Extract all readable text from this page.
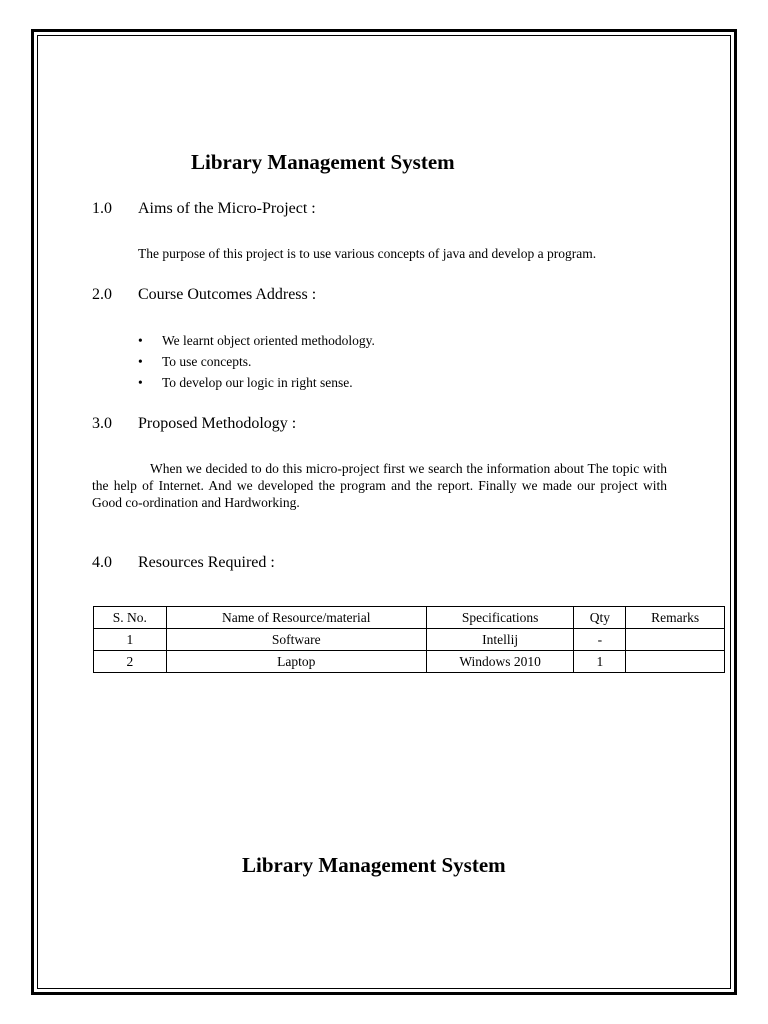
Library Management System
1.0 Aims of the Micro-Project :
The purpose of this project is to use various concepts of java and develop a program.
2.0 Course Outcomes Address :
• We learnt object oriented methodology.
• To use concepts.
• To develop our logic in right sense.
3.0 Proposed Methodology :
When we decided to do this micro-project first we search the information about The topic with the help of Internet. And we developed the program and the report. Finally we made our project with Good co-ordination and Hardworking.
4.0 Resources Required :
S. No.	Name of Resource/material	Specifications	Qty	Remarks
1	Software	Intellij	-	
2	Laptop	Windows 2010	1	
Library Management System
